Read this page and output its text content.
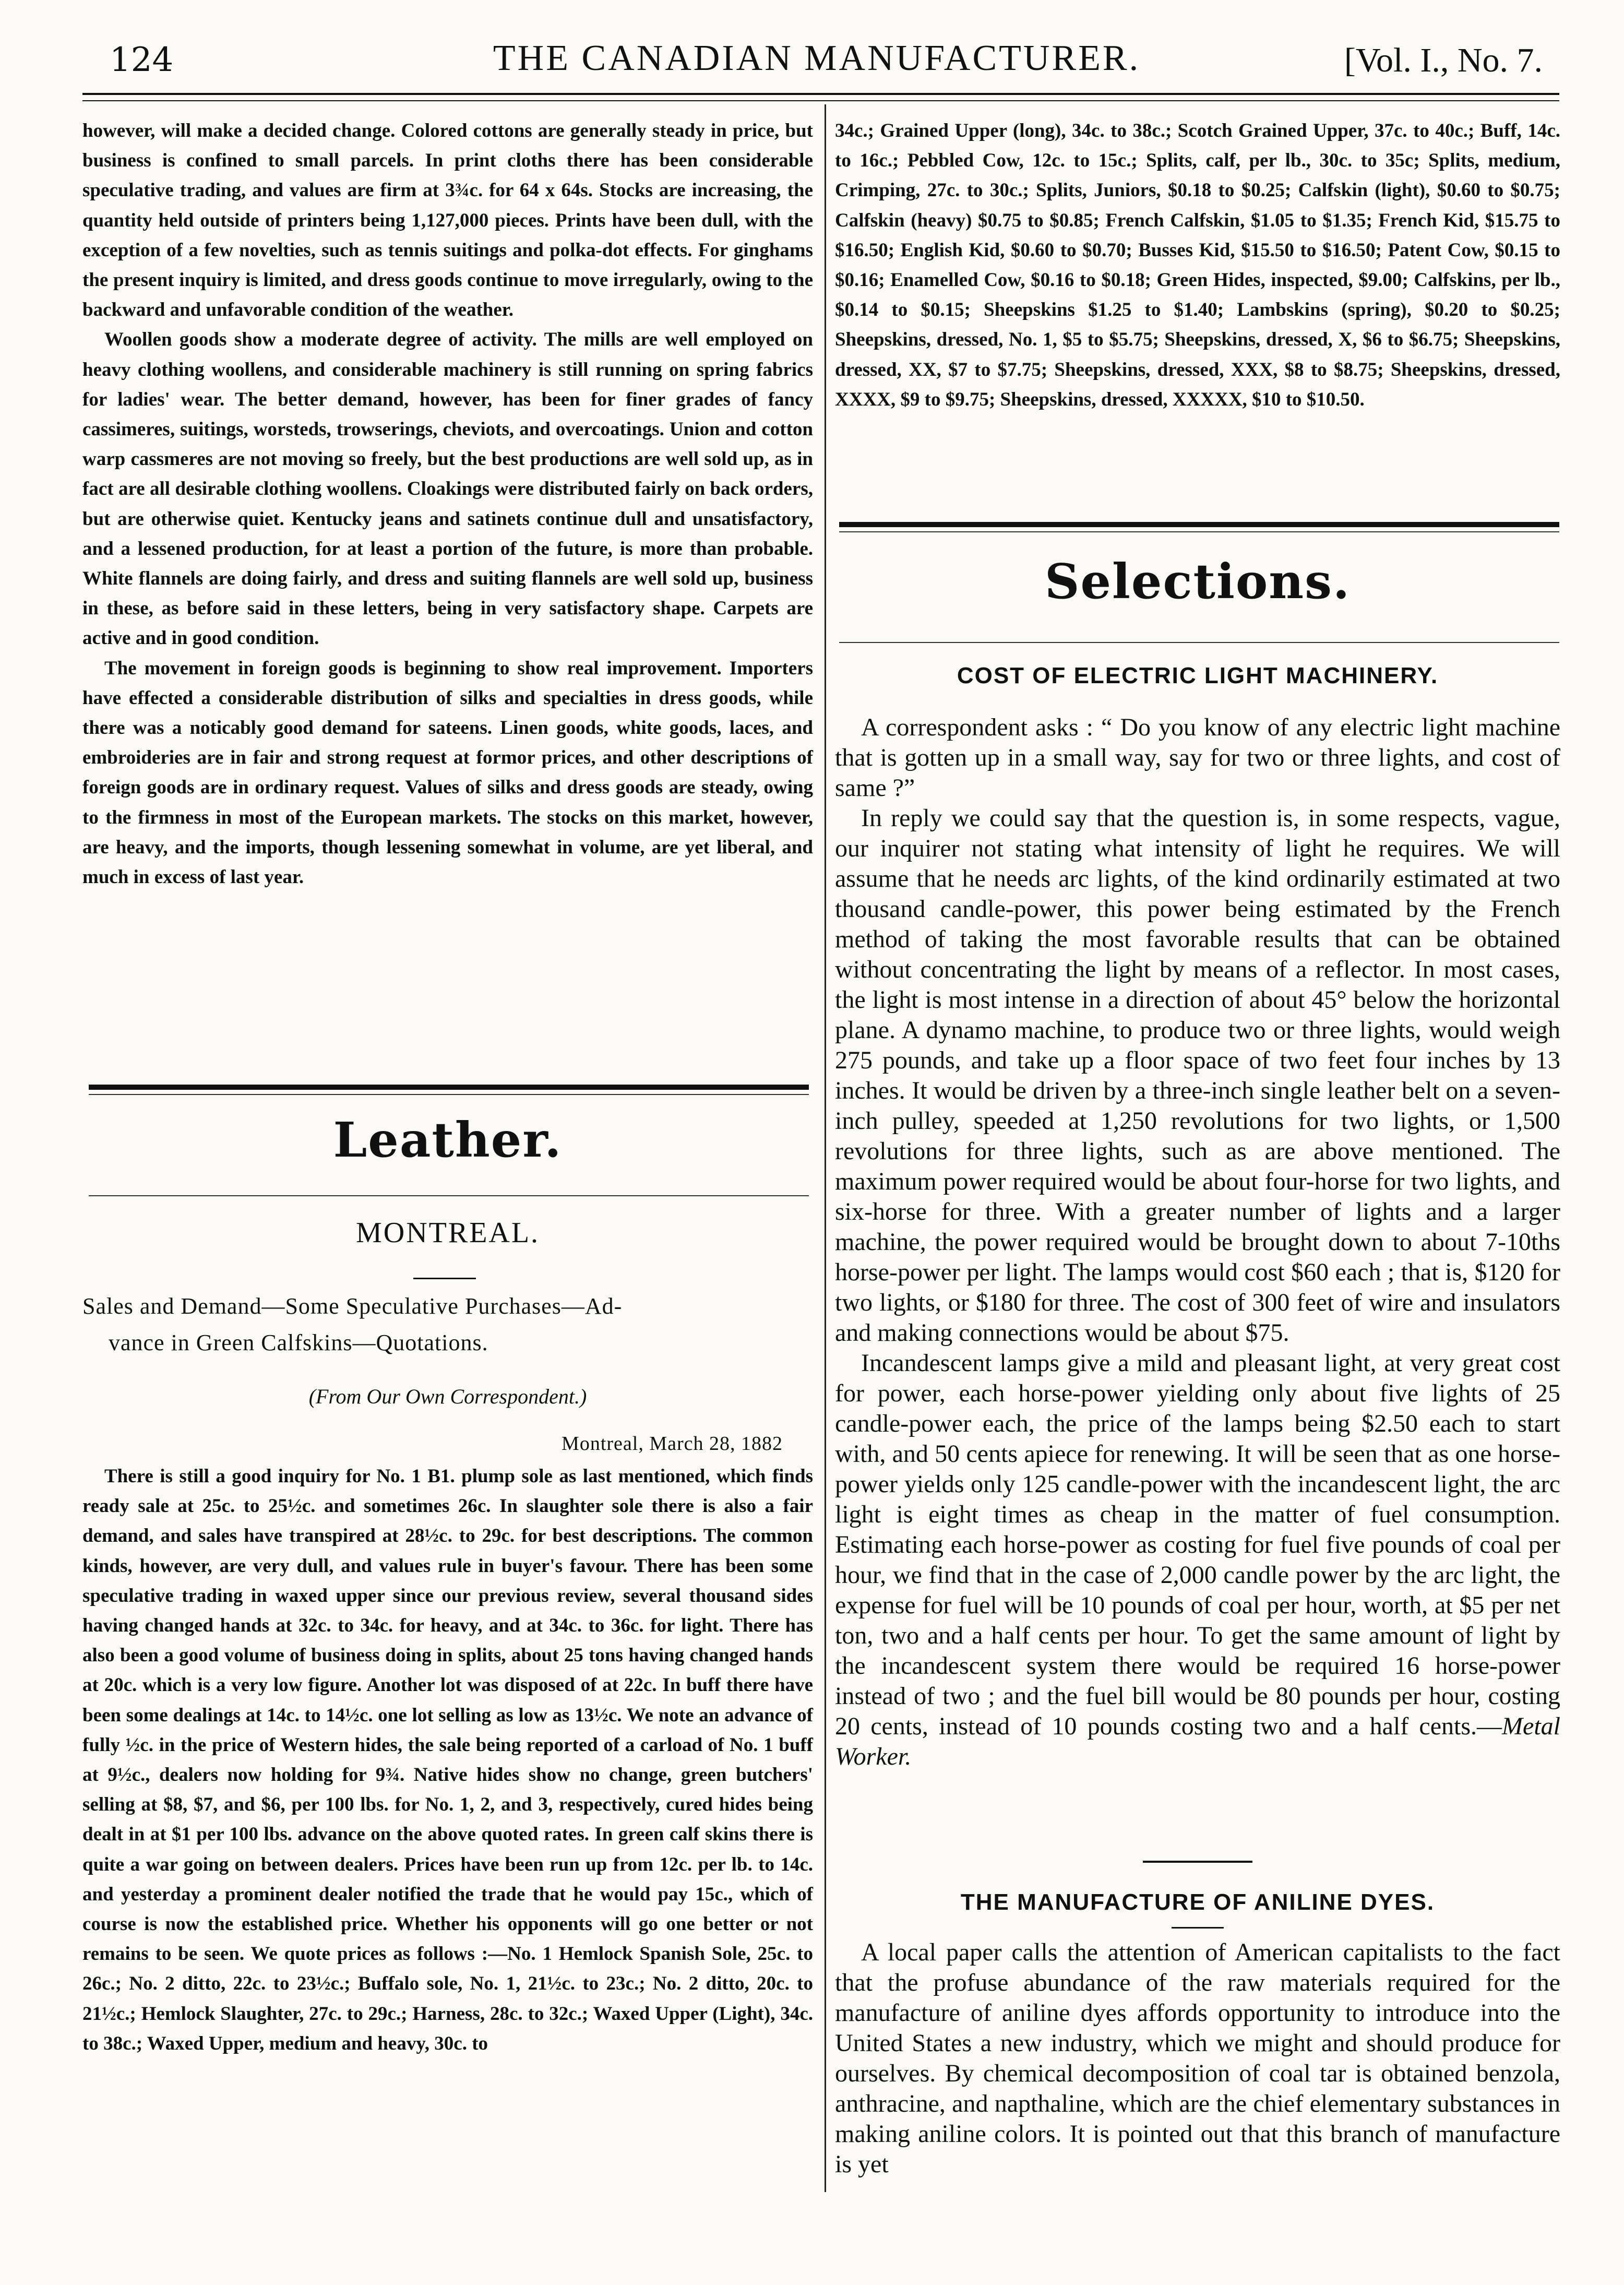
124	THE CANADIAN MANUFACTURER.	[Vol. I., No. 7.

however, will make a decided change. Colored cottons are generally steady in price, but business is confined to small parcels. In print cloths there has been considerable speculative trading, and values are firm at 3¾c. for 64 x 64s. Stocks are increasing, the quantity held outside of printers being 1,127,000 pieces. Prints have been dull, with the exception of a few novelties, such as tennis suitings and polka-dot effects. For ginghams the present inquiry is limited, and dress goods continue to move irregularly, owing to the backward and unfavorable condition of the weather.

Woollen goods show a moderate degree of activity. The mills are well employed on heavy clothing woollens, and considerable machinery is still running on spring fabrics for ladies' wear. The better demand, however, has been for finer grades of fancy cassimeres, suitings, worsteds, trowserings, cheviots, and overcoatings. Union and cotton warp cassmeres are not moving so freely, but the best productions are well sold up, as in fact are all desirable clothing woollens. Cloakings were distributed fairly on back orders, but are otherwise quiet. Kentucky jeans and satinets continue dull and unsatisfactory, and a lessened production, for at least a portion of the future, is more than probable. White flannels are doing fairly, and dress and suiting flannels are well sold up, business in these, as before said in these letters, being in very satisfactory shape. Carpets are active and in good condition.

The movement in foreign goods is beginning to show real improvement. Importers have effected a considerable distribution of silks and specialties in dress goods, while there was a noticably good demand for sateens. Linen goods, white goods, laces, and embroideries are in fair and strong request at formor prices, and other descriptions of foreign goods are in ordinary request. Values of silks and dress goods are steady, owing to the firmness in most of the European markets. The stocks on this market, however, are heavy, and the imports, though lessening somewhat in volume, are yet liberal, and much in excess of last year.

Leather.
MONTREAL.
Sales and Demand—Some Speculative Purchases—Ad-
vance in Green Calfskins—Quotations.
(From Our Own Correspondent.)
Montreal, March 28, 1882

There is still a good inquiry for No. 1 B1. plump sole as last mentioned, which finds ready sale at 25c. to 25½c. and sometimes 26c. In slaughter sole there is also a fair demand, and sales have transpired at 28½c. to 29c. for best descriptions. The common kinds, however, are very dull, and values rule in buyer's favour. There has been some speculative trading in waxed upper since our previous review, several thousand sides having changed hands at 32c. to 34c. for heavy, and at 34c. to 36c. for light. There has also been a good volume of business doing in splits, about 25 tons having changed hands at 20c. which is a very low figure. Another lot was disposed of at 22c. In buff there have been some dealings at 14c. to 14½c. one lot selling as low as 13½c. We note an advance of fully ½c. in the price of Western hides, the sale being reported of a carload of No. 1 buff at 9½c., dealers now holding for 9¾. Native hides show no change, green butchers' selling at $8, $7, and $6, per 100 lbs. for No. 1, 2, and 3, respectively, cured hides being dealt in at $1 per 100 lbs. advance on the above quoted rates. In green calf skins there is quite a war going on between dealers. Prices have been run up from 12c. per lb. to 14c. and yesterday a prominent dealer notified the trade that he would pay 15c., which of course is now the established price. Whether his opponents will go one better or not remains to be seen. We quote prices as follows :—No. 1 Hemlock Spanish Sole, 25c. to 26c.; No. 2 ditto, 22c. to 23½c.; Buffalo sole, No. 1, 21½c. to 23c.; No. 2 ditto, 20c. to 21½c.; Hemlock Slaughter, 27c. to 29c.; Harness, 28c. to 32c.; Waxed Upper (Light), 34c. to 38c.; Waxed Upper, medium and heavy, 30c. to

34c.; Grained Upper (long), 34c. to 38c.; Scotch Grained Upper, 37c. to 40c.; Buff, 14c. to 16c.; Pebbled Cow, 12c. to 15c.; Splits, calf, per lb., 30c. to 35c; Splits, medium, Crimping, 27c. to 30c.; Splits, Juniors, $0.18 to $0.25; Calfskin (light), $0.60 to $0.75; Calfskin (heavy) $0.75 to $0.85; French Calfskin, $1.05 to $1.35; French Kid, $15.75 to $16.50; English Kid, $0.60 to $0.70; Busses Kid, $15.50 to $16.50; Patent Cow, $0.15 to $0.16; Enamelled Cow, $0.16 to $0.18; Green Hides, inspected, $9.00; Calfskins, per lb., $0.14 to $0.15; Sheepskins $1.25 to $1.40; Lambskins (spring), $0.20 to $0.25; Sheepskins, dressed, No. 1, $5 to $5.75; Sheepskins, dressed, X, $6 to $6.75; Sheepskins, dressed, XX, $7 to $7.75; Sheepskins, dressed, XXX, $8 to $8.75; Sheepskins, dressed, XXXX, $9 to $9.75; Sheepskins, dressed, XXXXX, $10 to $10.50.

Selections.
COST OF ELECTRIC LIGHT MACHINERY.

A correspondent asks : “ Do you know of any electric light machine that is gotten up in a small way, say for two or three lights, and cost of same ?”

In reply we could say that the question is, in some respects, vague, our inquirer not stating what intensity of light he requires. We will assume that he needs arc lights, of the kind ordinarily estimated at two thousand candle-power, this power being estimated by the French method of taking the most favorable results that can be obtained without concentrating the light by means of a reflector. In most cases, the light is most intense in a direction of about 45° below the horizontal plane. A dynamo machine, to produce two or three lights, would weigh 275 pounds, and take up a floor space of two feet four inches by 13 inches. It would be driven by a three-inch single leather belt on a seven-inch pulley, speeded at 1,250 revolutions for two lights, or 1,500 revolutions for three lights, such as are above mentioned. The maximum power required would be about four-horse for two lights, and six-horse for three. With a greater number of lights and a larger machine, the power required would be brought down to about 7-10ths horse-power per light. The lamps would cost $60 each ; that is, $120 for two lights, or $180 for three. The cost of 300 feet of wire and insulators and making connections would be about $75.

Incandescent lamps give a mild and pleasant light, at very great cost for power, each horse-power yielding only about five lights of 25 candle-power each, the price of the lamps being $2.50 each to start with, and 50 cents apiece for renewing. It will be seen that as one horse-power yields only 125 candle-power with the incandescent light, the arc light is eight times as cheap in the matter of fuel consumption. Estimating each horse-power as costing for fuel five pounds of coal per hour, we find that in the case of 2,000 candle power by the arc light, the expense for fuel will be 10 pounds of coal per hour, worth, at $5 per net ton, two and a half cents per hour. To get the same amount of light by the incandescent system there would be required 16 horse-power instead of two ; and the fuel bill would be 80 pounds per hour, costing 20 cents, instead of 10 pounds costing two and a half cents.—Metal Worker.

THE MANUFACTURE OF ANILINE DYES.

A local paper calls the attention of American capitalists to the fact that the profuse abundance of the raw materials required for the manufacture of aniline dyes affords opportunity to introduce into the United States a new industry, which we might and should produce for ourselves. By chemical decomposition of coal tar is obtained benzola, anthracine, and napthaline, which are the chief elementary substances in making aniline colors. It is pointed out that this branch of manufacture is yet
